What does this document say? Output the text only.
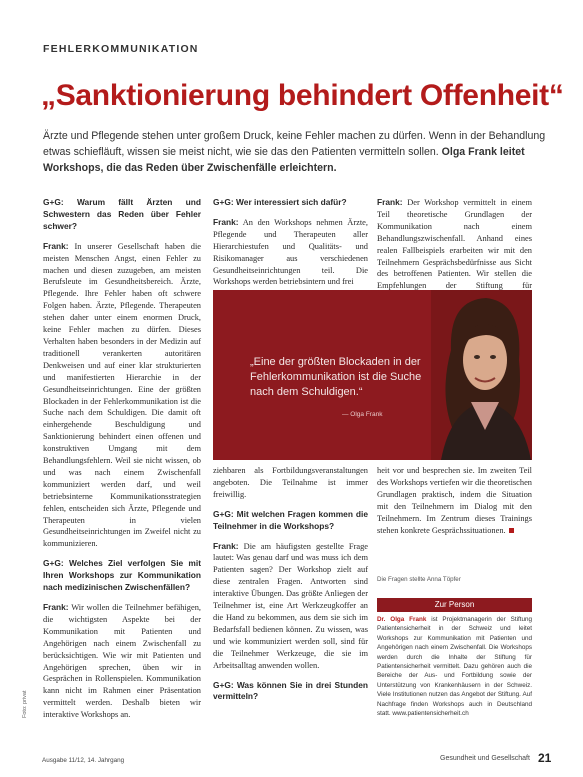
FEHLERKOMMUNIKATION
„Sanktionierung behindert Offenheit“
Ärzte und Pflegende stehen unter großem Druck, keine Fehler machen zu dürfen. Wenn in der Behandlung etwas schiefläuft, wissen sie meist nicht, wie sie das den Patienten vermitteln sollen. Olga Frank leitet Workshops, die das Reden über Zwischenfälle erleichtern.

G+G: Warum fällt Ärzten und Schwestern das Reden über Fehler schwer?

Frank: In unserer Gesellschaft haben die meisten Menschen Angst, einen Fehler zu machen und diesen zuzugeben, am meisten Berufsleute im Gesundheitsbereich. Ärzte, Pflegende. Ihre Fehler haben oft schwere Folgen haben. Ärzte, Pflegende. Therapeuten stehen daher unter einem enormen Druck, keine Fehler machen zu dürfen. Dieses Verhalten haben besonders in der Medizin auf traditionell verankerten autoritären Denkweisen und auf einer klar strukturierten und manifestierten Hierarchie in der Gesundheitseinrichtungen. Eine der größten Blockaden in der Fehlerkommunikation ist die Suche nach dem Schuldigen. Die damit oft einhergehende Beschuldigung und Sanktionierung behindert einen offenen und konstruktiven Umgang mit dem Behandlungsfehlern. Weil sie nicht wissen, ob und was nach einem Zwischenfall kommuniziert werden darf, und weil betriebsinterne Kommunikationsstrategien fehlen, entscheiden sich Ärzte, Pflegende und Therapeuten in vielen Gesundheitseinrichtungen im Zweifel nicht zu kommunizieren.

G+G: Welches Ziel verfolgen Sie mit Ihren Workshops zur Kommunikation nach medizinischen Zwischenfällen?

Frank: Wir wollen die Teilnehmer befähigen, die wichtigsten Aspekte bei der Kommunikation mit Patienten und Angehörigen nach einem Zwischenfall zu berücksichtigen. Wie wir mit Patienten und Angehörigen sprechen, üben wir in Gesprächen in Rollenspielen. Kommunikation kann nicht im Rahmen einer Präsentation vermittelt werden. Deshalb bieten wir interaktive Workshops an.

G+G: Wer interessiert sich dafür?

Frank: An den Workshops nehmen Ärzte, Pflegende und Therapeuten aller Hierarchiestufen und Qualitäts- und Risikomanager aus verschiedenen Gesundheitseinrichtungen teil. Die Workshops werden betriebsintern und frei

Frank: Der Workshop vermittelt in einem Teil theoretische Grundlagen der Kommunikation nach einem Behandlungszwischenfall. Anhand eines realen Fallbeispiels erarbeiten wir mit den Teilnehmern Gesprächsbedürfnisse aus Sicht des betroffenen Patienten. Wir stellen die Empfehlungen der Stiftung für

„Eine der größten Blockaden in der Fehlerkommunikation ist die Suche nach dem Schuldigen.“
— Olga Frank

ziehbaren als Fortbildungsveranstaltungen angeboten. Die Teilnahme ist immer freiwillig.

G+G: Mit welchen Fragen kommen die Teilnehmer in die Workshops?

Frank: Die am häufigsten gestellte Frage lautet: Was genau darf und was muss ich dem Patienten sagen? Der Workshop zielt auf diese zentralen Fragen. Antworten sind interaktive Übungen. Das größte Anliegen der Teilnehmer ist, eine Art Werkzeugkoffer an die Hand zu bekommen, aus dem sie sich im Bedarfsfall bedienen können. Zu wissen, was und wie kommuniziert werden soll, sind für die Teilnehmer Werkzeuge, die sie im Arbeitsalltag anwenden wollen.

G+G: Was können Sie in drei Stunden vermitteln?

heit vor und besprechen sie. Im zweiten Teil des Workshops vertiefen wir die theoretischen Grundlagen praktisch, indem die Situation mit den Teilnehmern im Dialog mit den Teilnehmern. Im Zentrum dieses Trainings stehen konkrete Gesprächssituationen.

Die Fragen stellte Anna Töpfer
Zur Person
Dr. Olga Frank ist Projektmanagerin der Stiftung Patientensicherheit in der Schweiz und leitet Workshops zur Kommunikation mit Patienten und Angehörigen nach einem Zwischenfall. Die Workshops werden durch die Inhalte der Stiftung für Patientensicherheit vermittelt. Dazu gehören auch die Bereiche der Aus- und Fortbildung sowie der Unterstützung von Krankenhäusern in der Schweiz. Viele Institutionen nutzen das Angebot der Stiftung. Auf Nachfrage finden Workshops auch in Deutschland statt. www.patientensicherheit.ch
Foto: privat
Ausgabe 11/12, 14. Jahrgang	Gesundheit und Gesellschaft 21
